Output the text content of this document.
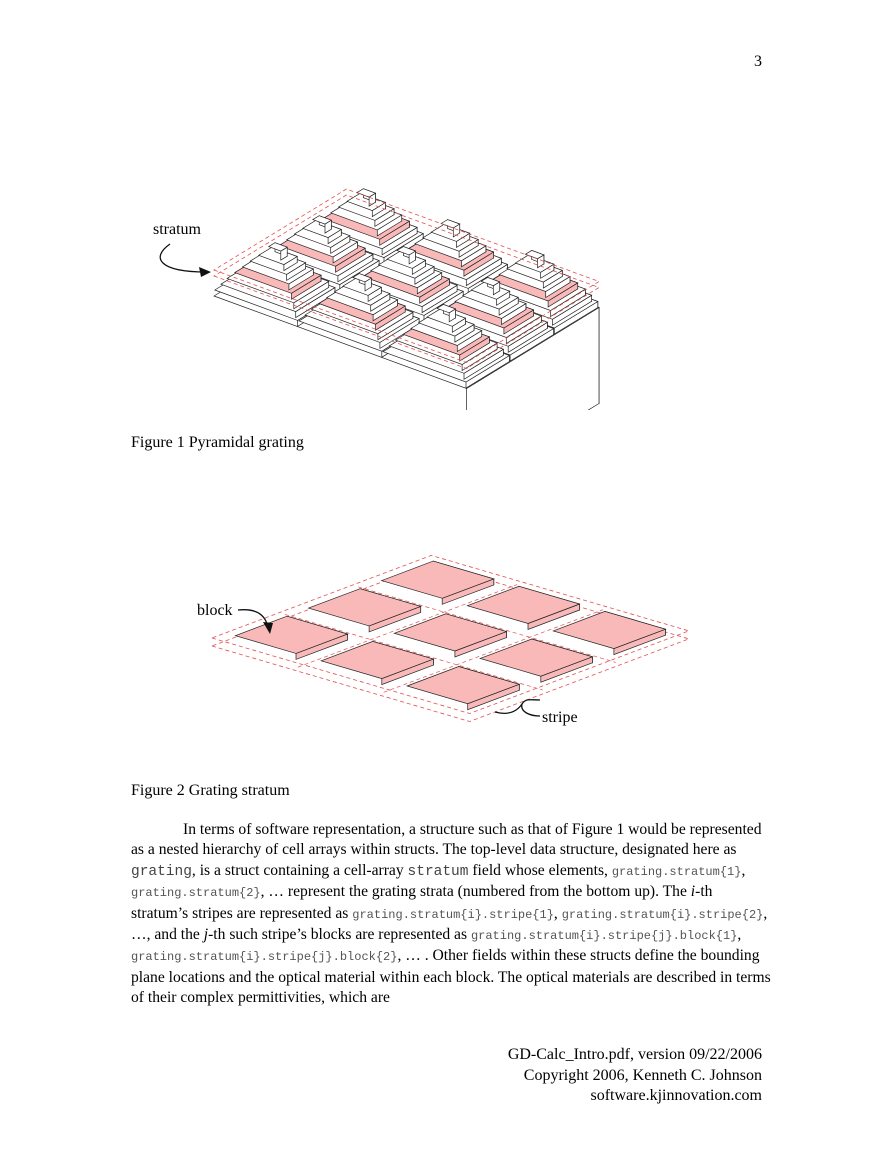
3
stratum
Figure 1 Pyramidal grating
block
stripe
Figure 2 Grating stratum

In terms of software representation, a structure such as that of Figure 1 would be represented as a nested hierarchy of cell arrays within structs. The top-level data structure, designated here as grating, is a struct containing a cell-array stratum field whose elements, grating.stratum{1}, grating.stratum{2}, … represent the grating strata (numbered from the bottom up). The i-th stratum’s stripes are represented as grating.stratum{i}.stripe{1}, grating.stratum{i}.stripe{2}, …, and the j-th such stripe’s blocks are represented as grating.stratum{i}.stripe{j}.block{1}, grating.stratum{i}.stripe{j}.block{2}, … . Other fields within these structs define the bounding plane locations and the optical material within each block. The optical materials are described in terms of their complex permittivities, which are

GD-Calc_Intro.pdf, version 09/22/2006
Copyright 2006, Kenneth C. Johnson
software.kjinnovation.com
